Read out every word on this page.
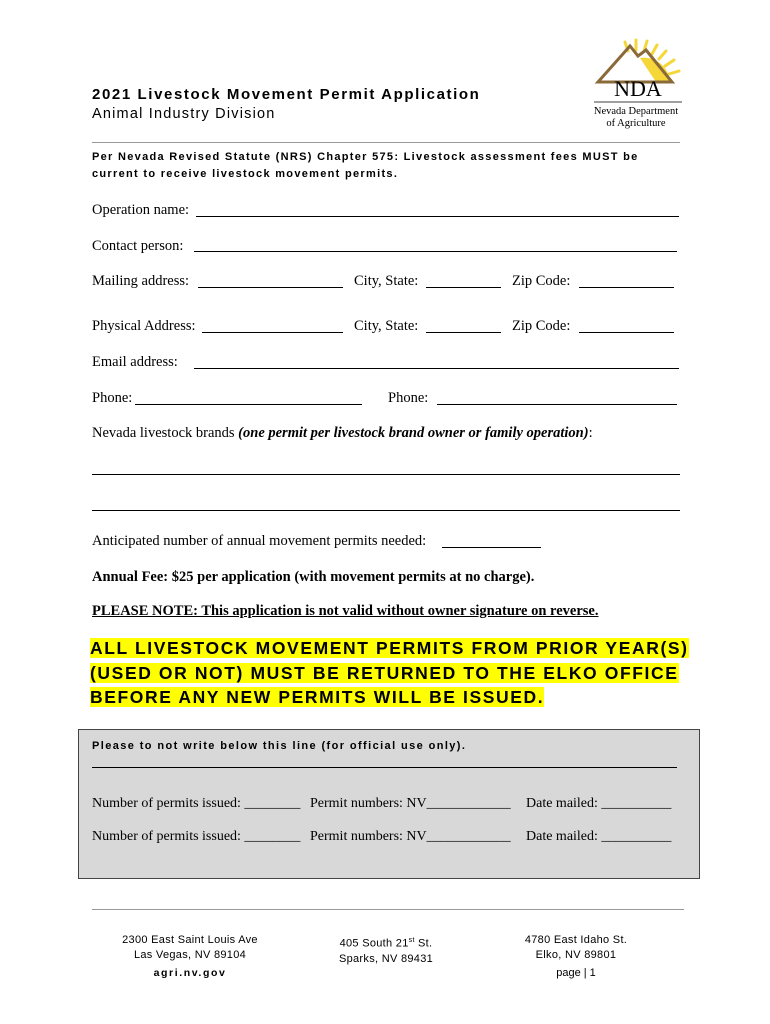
2021 Livestock Movement Permit Application
Animal Industry Division
NDA
Nevada Department
of Agriculture
Per Nevada Revised Statute (NRS) Chapter 575: Livestock assessment fees MUST be current to receive livestock movement permits.
Operation name:
Contact person:
Mailing address:	City, State:	Zip Code:
Physical Address:	City, State:	Zip Code:
Email address:
Phone:	Phone:
Nevada livestock brands (one permit per livestock brand owner or family operation):
Anticipated number of annual movement permits needed:
Annual Fee: $25 per application (with movement permits at no charge).
PLEASE NOTE: This application is not valid without owner signature on reverse.
ALL LIVESTOCK MOVEMENT PERMITS FROM PRIOR YEAR(S)
(USED OR NOT) MUST BE RETURNED TO THE ELKO OFFICE
BEFORE ANY NEW PERMITS WILL BE ISSUED.
Please to not write below this line (for official use only).
Number of permits issued: ________ Permit numbers: NV____________ Date mailed: __________
Number of permits issued: ________ Permit numbers: NV____________ Date mailed: __________
2300 East Saint Louis Ave
Las Vegas, NV 89104
405 South 21st St.
Sparks, NV 89431
4780 East Idaho St.
Elko, NV 89801
agri.nv.gov	page | 1
